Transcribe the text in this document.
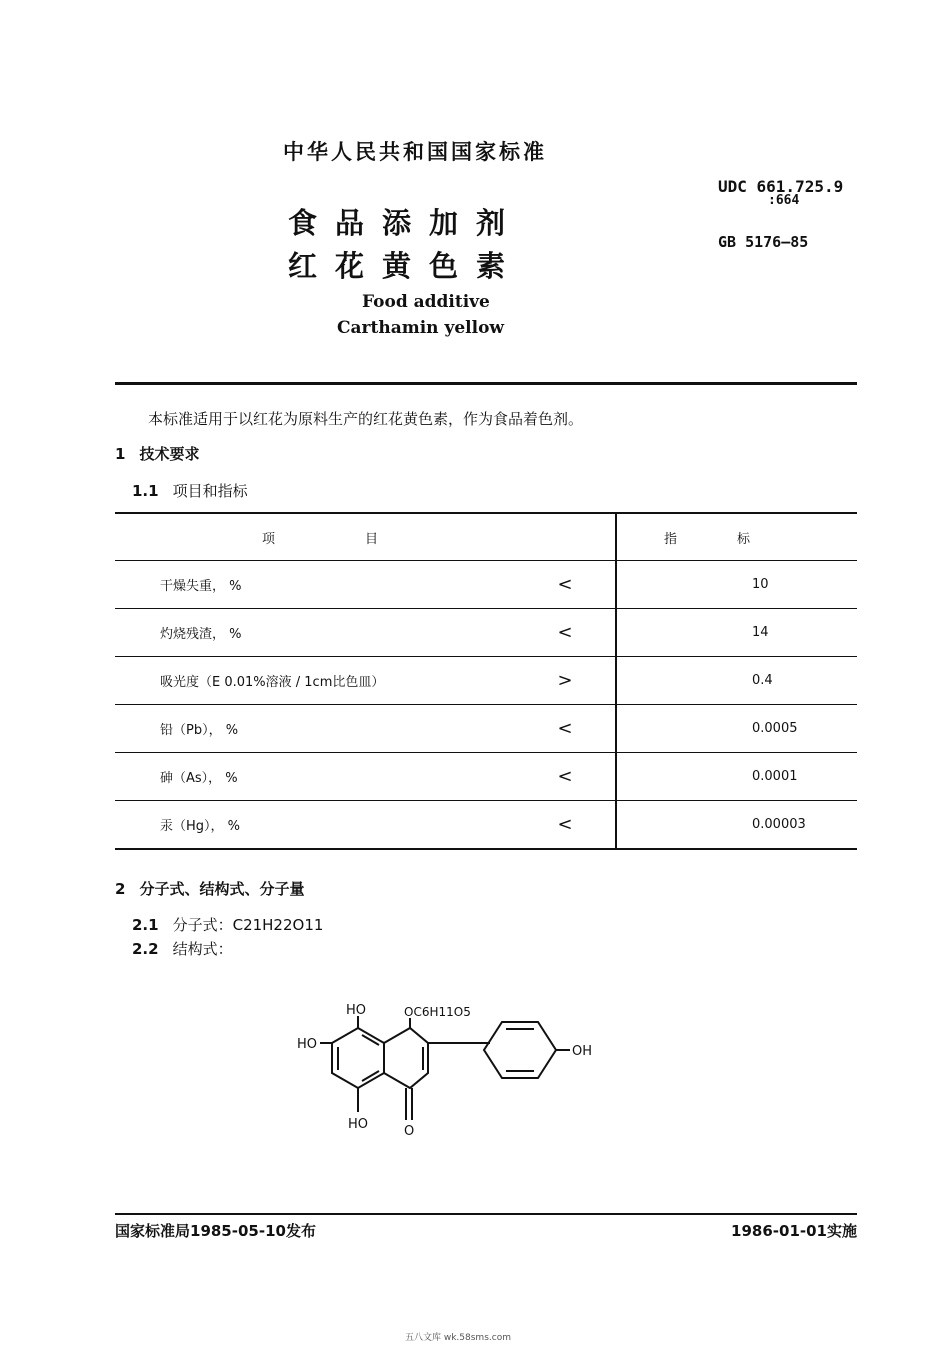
中华人民共和国国家标准
食品添加剂
红花黄色素
Food additive
Carthamin yellow
UDC 661.725.9
:664
GB 5176—85
本标准适用于以红花为原料生产的红花黄色素，作为食品着色剂。
1 技术要求
1.1 项目和指标
项目		指标
干燥失重， %	<	10
灼烧残渣， %	<	14
吸光度（E 0.01%溶液 / 1cm比色皿）	>	0.4
铅（Pb）， %	<	0.0005
砷（As）， %	<	0.0001
汞（Hg）， %	<	0.00003
2 分子式、结构式、分子量
2.1 分子式：C21H22O11
2.2 结构式：
HO
HO
HO
OC6H11O5
OH
O
国家标准局1985-05-10发布	1986-01-01实施
五八文库 wk.58sms.com
